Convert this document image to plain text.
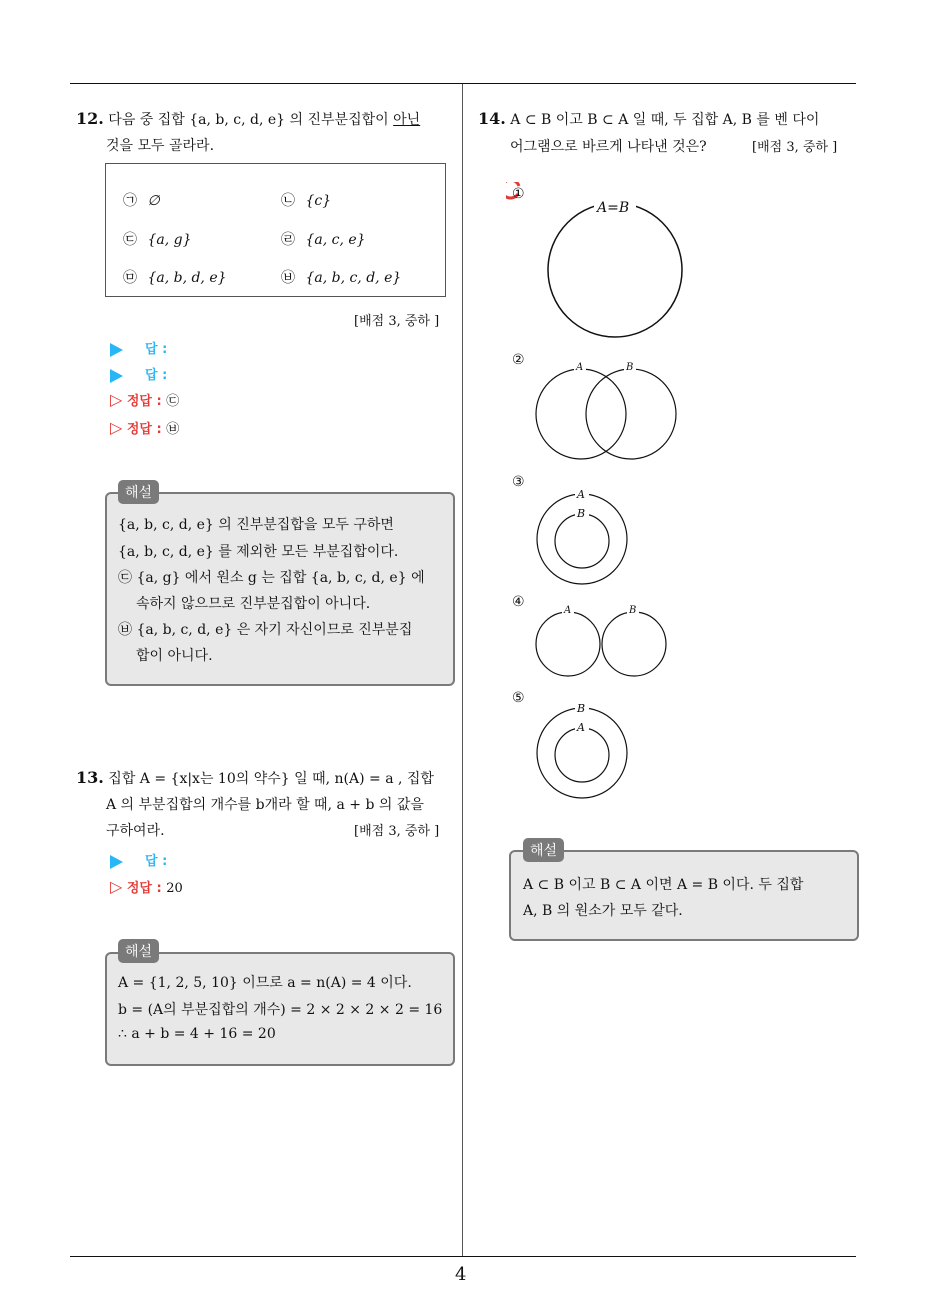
4
12. 다음 중 집합 {a, b, c, d, e} 의 진부분집합이 아닌
것을 모두 골라라.
㉠ ∅	㉡ {c}
㉢ {a, g}	㉣ {a, c, e}
㉤ {a, b, d, e}	㉥ {a, b, c, d, e}
[배점 3, 중하 ]
답 :
답 :
▷ 정답 : ㉢
▷ 정답 : ㉥
해설
{a, b, c, d, e} 의 진부분집합을 모두 구하면
{a, b, c, d, e} 를 제외한 모든 부분집합이다.
㉢ {a, g} 에서 원소 g 는 집합 {a, b, c, d, e} 에
속하지 않으므로 진부분집합이 아니다.
㉥ {a, b, c, d, e} 은 자기 자신이므로 진부분집
합이 아니다.
13. 집합 A = {x|x는 10의 약수} 일 때, n(A) = a , 집합
A 의 부분집합의 개수를 b개라 할 때, a + b 의 값을
구하여라.	[배점 3, 중하 ]
답 :
▷ 정답 : 20
해설
A = {1, 2, 5, 10} 이므로 a = n(A) = 4 이다.
b = (A의 부분집합의 개수) = 2 × 2 × 2 × 2 = 16
∴ a + b = 4 + 16 = 20
14. A ⊂ B 이고 B ⊂ A 일 때, 두 집합 A, B 를 벤 다이
어그램으로 바르게 나타낸 것은?	[배점 3, 중하 ]
①
A=B
②	A	B
③
A
B
④
A	B
⑤
B
A
해설
A ⊂ B 이고 B ⊂ A 이면 A = B 이다. 두 집합
A, B 의 원소가 모두 같다.
